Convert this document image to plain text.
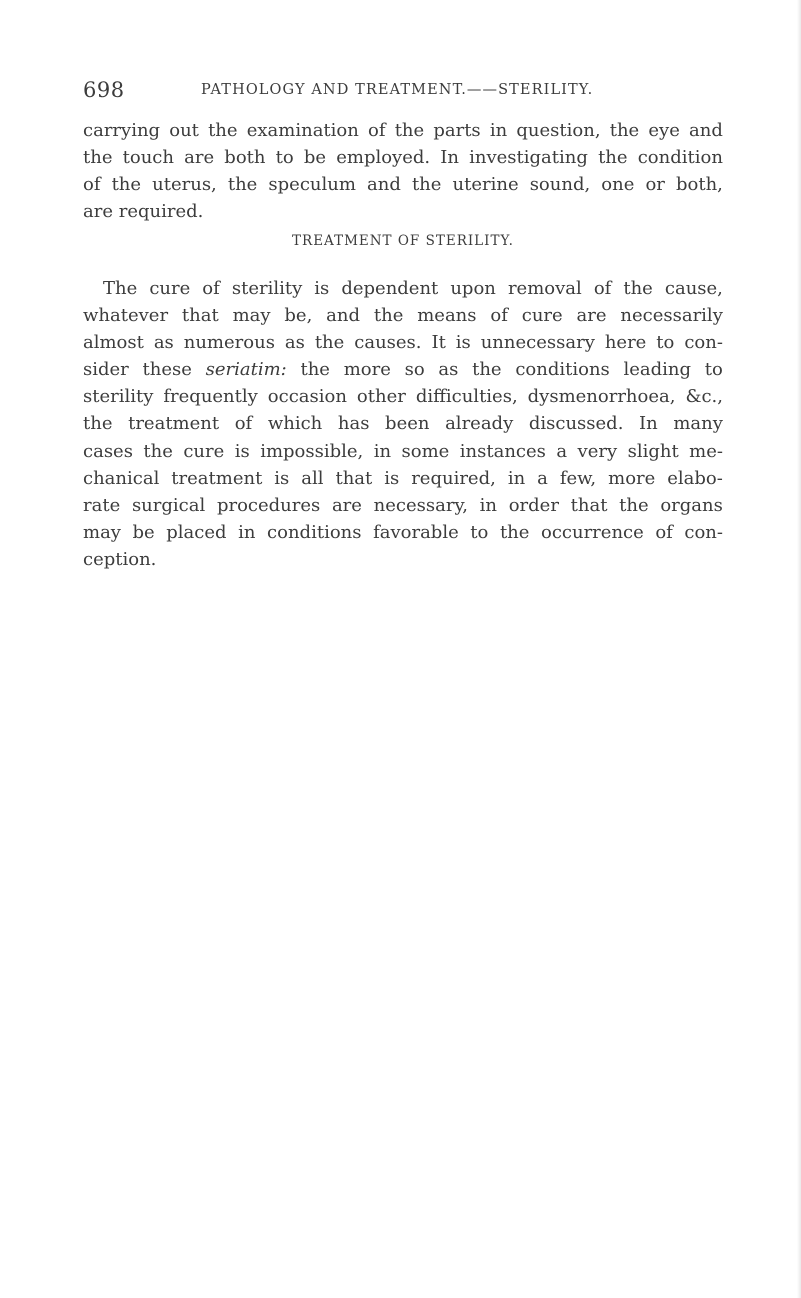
698	PATHOLOGY AND TREATMENT.——STERILITY.
carrying out the examination of the parts in question, the eye and
the touch are both to be employed. In investigating the condition
of the uterus, the speculum and the uterine sound, one or both,
are
required.
TREATMENT OF STERILITY.
The cure of sterility is dependent upon removal of the cause,
whatever that may be, and the means of cure are necessarily
almost as numerous as the causes. It is unnecessary here to con-
sider these seriatim: the more so as the conditions leading to
sterility frequently occasion other difficulties, dysmenorrhoea, &c.,
the treatment of which has been already discussed. In many
cases the cure is impossible, in some instances a very slight me-
chanical treatment is all that is required, in a few, more elabo-
rate surgical procedures are necessary, in order that the organs
may be placed in conditions favorable to the occurrence of con-
ception.
